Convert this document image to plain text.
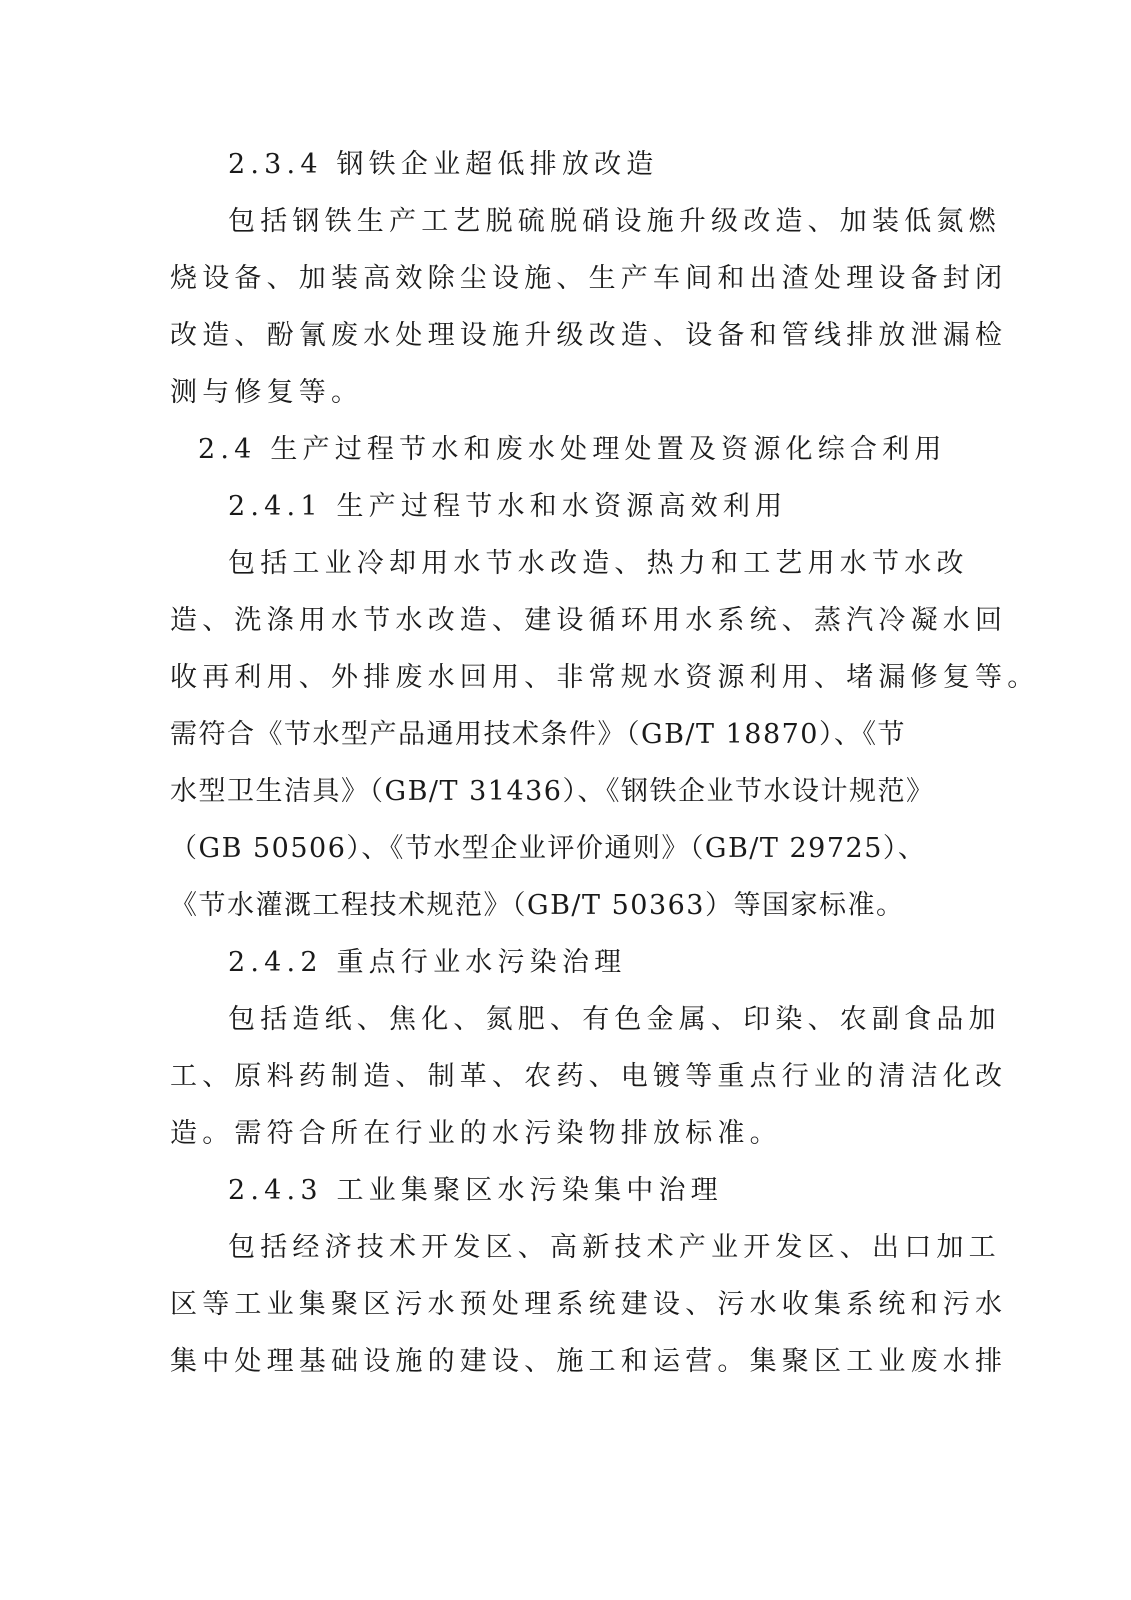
2.3.4 钢铁企业超低排放改造
包括钢铁生产工艺脱硫脱硝设施升级改造、加装低氮燃
烧设备、加装高效除尘设施、生产车间和出渣处理设备封闭
改造、酚氰废水处理设施升级改造、设备和管线排放泄漏检
测与修复等。
2.4 生产过程节水和废水处理处置及资源化综合利用
2.4.1 生产过程节水和水资源高效利用
包括工业冷却用水节水改造、热力和工艺用水节水改
造、洗涤用水节水改造、建设循环用水系统、蒸汽冷凝水回
收再利用、外排废水回用、非常规水资源利用、堵漏修复等。
需符合《节水型产品通用技术条件》（GB/T 18870）、《节
水型卫生洁具》（GB/T 31436）、《钢铁企业节水设计规范》
（GB 50506）、《节水型企业评价通则》（GB/T 29725）、
《节水灌溉工程技术规范》（GB/T 50363）等国家标准。
2.4.2 重点行业水污染治理
包括造纸、焦化、氮肥、有色金属、印染、农副食品加
工、原料药制造、制革、农药、电镀等重点行业的清洁化改
造。需符合所在行业的水污染物排放标准。
2.4.3 工业集聚区水污染集中治理
包括经济技术开发区、高新技术产业开发区、出口加工
区等工业集聚区污水预处理系统建设、污水收集系统和污水
集中处理基础设施的建设、施工和运营。集聚区工业废水排
